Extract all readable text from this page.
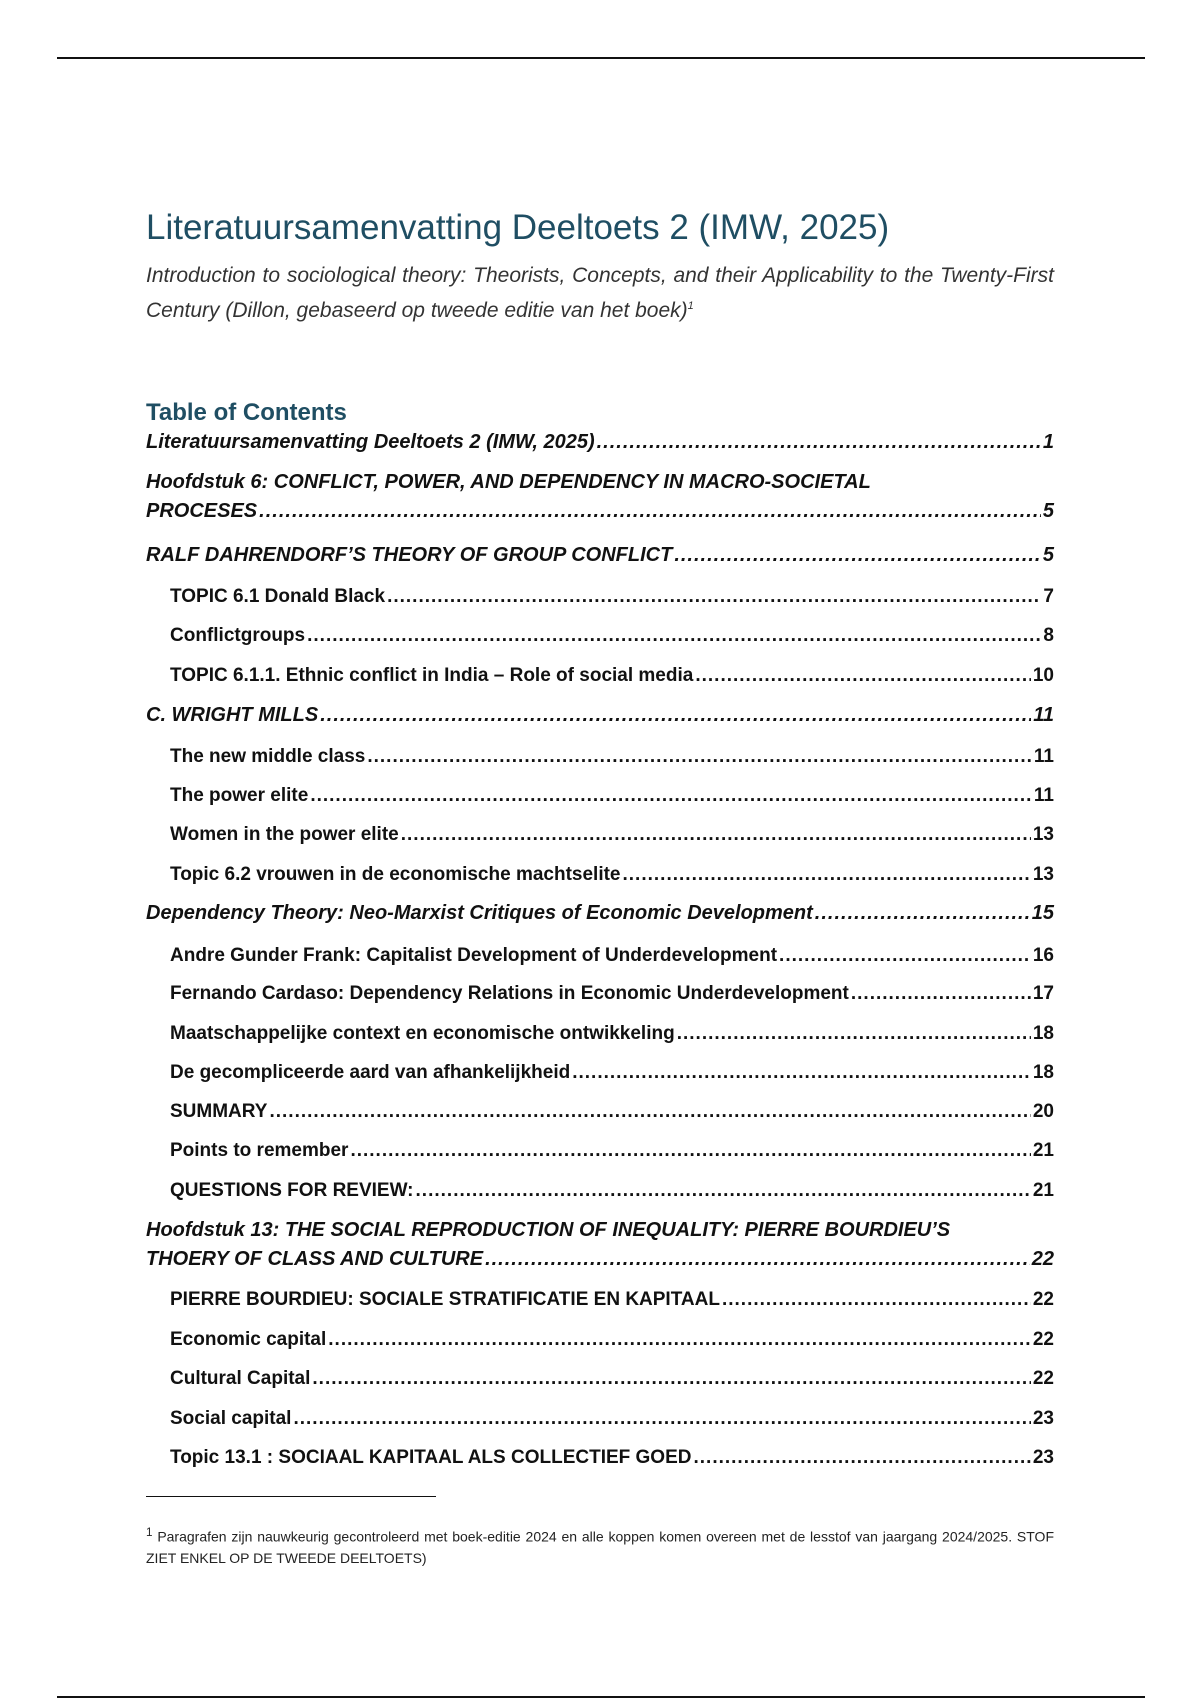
Literatuursamenvatting Deeltoets 2 (IMW, 2025)

Introduction to sociological theory: Theorists, Concepts, and their Applicability to the Twenty-First Century (Dillon, gebaseerd op tweede editie van het boek)$^1$

Table of Contents
Literatuursamenvatting Deeltoets 2 (IMW, 2025) .....	1
Hoofdstuk 6: CONFLICT, POWER, AND DEPENDENCY IN MACRO-SOCIETAL
PROCESES .....	5
RALF DAHRENDORF’S THEORY OF GROUP CONFLICT .....	5
TOPIC 6.1 Donald Black .....	7
Conflictgroups .....	8
TOPIC 6.1.1. Ethnic conflict in India – Role of social media .....	10
C. WRIGHT MILLS .....	11
The new middle class .....	11
The power elite .....	11
Women in the power elite .....	13
Topic 6.2 vrouwen in de economische machtselite .....	13
Dependency Theory: Neo-Marxist Critiques of Economic Development .....	15
Andre Gunder Frank: Capitalist Development of Underdevelopment .....	16
Fernando Cardaso: Dependency Relations in Economic Underdevelopment .....	17
Maatschappelijke context en economische ontwikkeling .....	18
De gecompliceerde aard van afhankelijkheid .....	18
SUMMARY .....	20
Points to remember .....	21
QUESTIONS FOR REVIEW: .....	21
Hoofdstuk 13: THE SOCIAL REPRODUCTION OF INEQUALITY: PIERRE BOURDIEU’S
THOERY OF CLASS AND CULTURE .....	22
PIERRE BOURDIEU: SOCIALE STRATIFICATIE EN KAPITAAL .....	22
Economic capital .....	22
Cultural Capital .....	22
Social capital .....	23
Topic 13.1 : SOCIAAL KAPITAAL ALS COLLECTIEF GOED .....	23

$^1$ Paragrafen zijn nauwkeurig gecontroleerd met boek-editie 2024 en alle koppen komen overeen met de lesstof van jaargang 2024/2025. STOF ZIET ENKEL OP DE TWEEDE DEELTOETS)
